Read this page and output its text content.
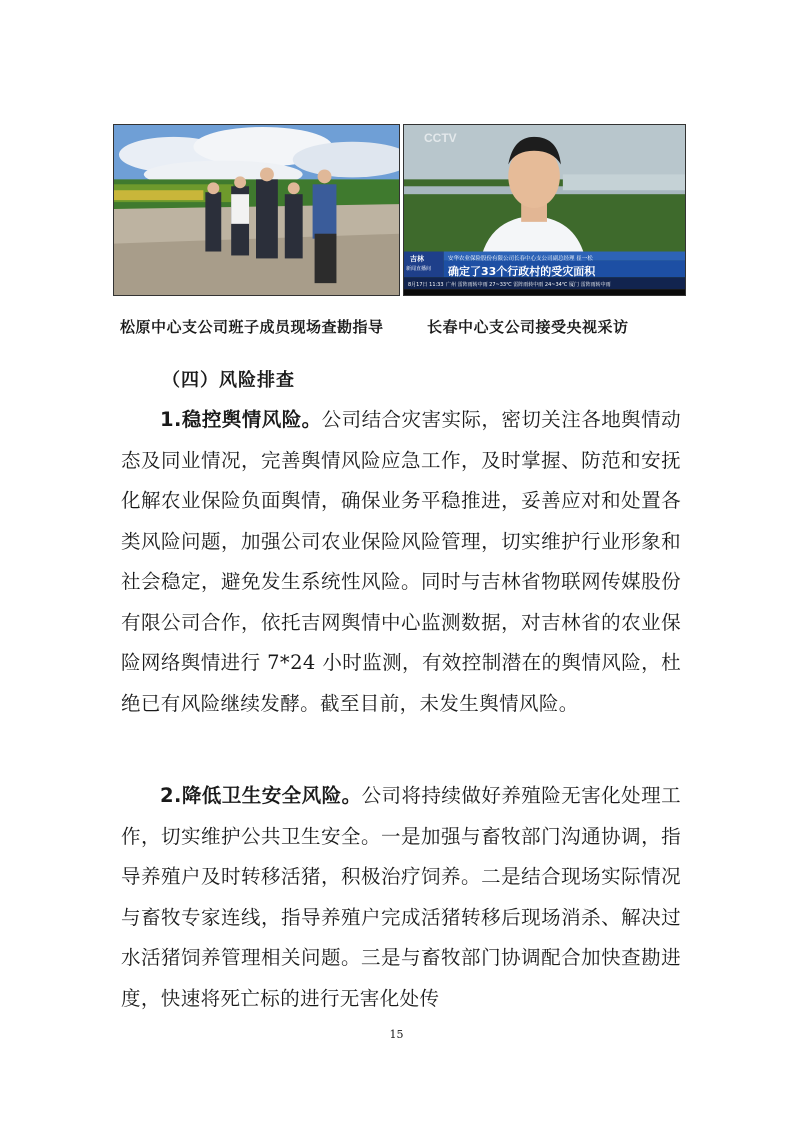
CCTV
吉林
新闻直播间
安华农业保险股份有限公司长春中心支公司副总经理 崔一松
确定了33个行政村的受灾面积
8月17日 11:33 广州 雷阵雨转中雨 27~33℃ 雷阵雨转中雨 24~34℃ 厦门 雷阵雨转中雨
松原中心支公司班子成员现场查勘指导	长春中心支公司接受央视采访
（四）风险排查

1.稳控舆情风险。公司结合灾害实际，密切关注各地舆情动态及同业情况，完善舆情风险应急工作，及时掌握、防范和安抚化解农业保险负面舆情，确保业务平稳推进，妥善应对和处置各类风险问题，加强公司农业保险风险管理，切实维护行业形象和社会稳定，避免发生系统性风险。同时与吉林省物联网传媒股份有限公司合作，依托吉网舆情中心监测数据，对吉林省的农业保险网络舆情进行 7*24 小时监测，有效控制潜在的舆情风险，杜绝已有风险继续发酵。截至目前，未发生舆情风险。

2.降低卫生安全风险。公司将持续做好养殖险无害化处理工作，切实维护公共卫生安全。一是加强与畜牧部门沟通协调，指导养殖户及时转移活猪，积极治疗饲养。二是结合现场实际情况与畜牧专家连线，指导养殖户完成活猪转移后现场消杀、解决过水活猪饲养管理相关问题。三是与畜牧部门协调配合加快查勘进度，快速将死亡标的进行无害化处传

15
